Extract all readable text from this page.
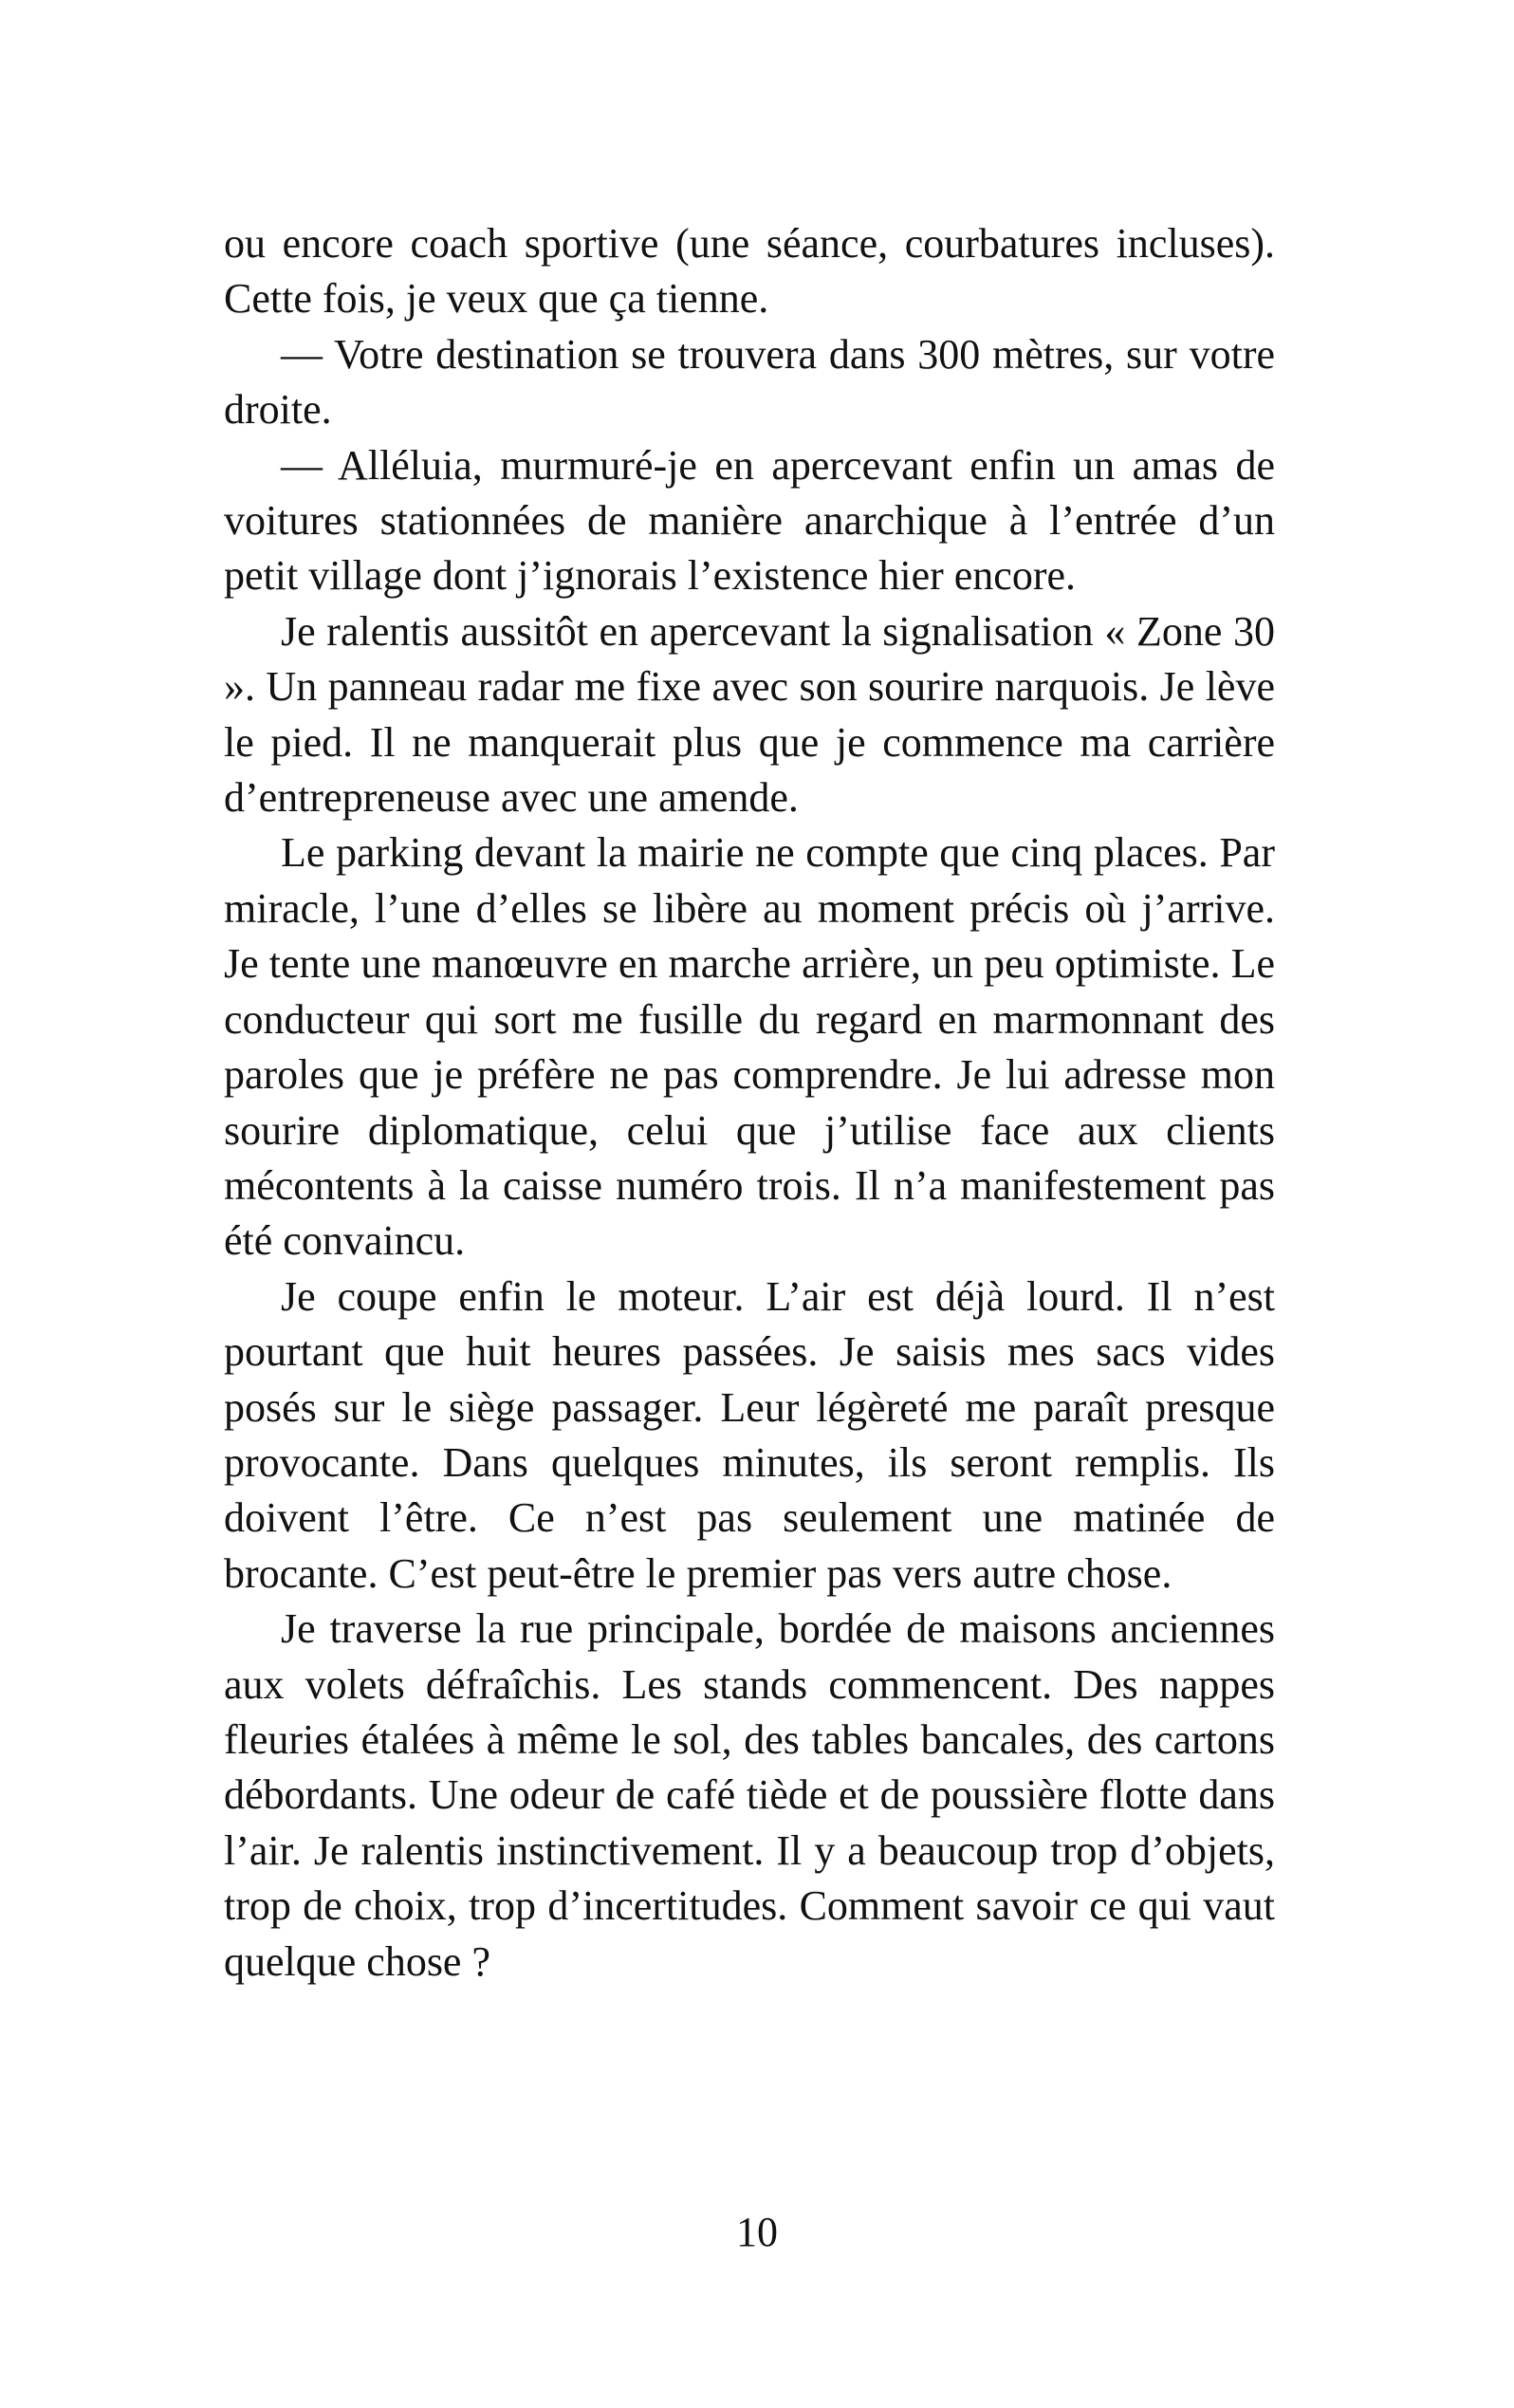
ou encore coach sportive (une séance, courbatures incluses). Cette fois, je veux que ça tienne.

— Votre destination se trouvera dans 300 mètres, sur votre droite.

— Alléluia, murmuré-je en apercevant enfin un amas de voitures stationnées de manière anarchique à l’entrée d’un petit village dont j’ignorais l’existence hier encore.

Je ralentis aussitôt en apercevant la signalisation « Zone 30 ». Un panneau radar me fixe avec son sourire narquois. Je lève le pied. Il ne manquerait plus que je commence ma carrière d’entrepreneuse avec une amende.

Le parking devant la mairie ne compte que cinq places. Par miracle, l’une d’elles se libère au moment précis où j’arrive. Je tente une manœuvre en marche arrière, un peu optimiste. Le conducteur qui sort me fusille du regard en marmonnant des paroles que je préfère ne pas comprendre. Je lui adresse mon sourire diplomatique, celui que j’utilise face aux clients mécontents à la caisse numéro trois. Il n’a manifestement pas été convaincu.

Je coupe enfin le moteur. L’air est déjà lourd. Il n’est pourtant que huit heures passées. Je saisis mes sacs vides posés sur le siège passager. Leur légèreté me paraît presque provocante. Dans quelques minutes, ils seront remplis. Ils doivent l’être. Ce n’est pas seulement une matinée de brocante. C’est peut-être le premier pas vers autre chose.

Je traverse la rue principale, bordée de maisons anciennes aux volets défraîchis. Les stands commencent. Des nappes fleuries étalées à même le sol, des tables bancales, des cartons débordants. Une odeur de café tiède et de poussière flotte dans l’air. Je ralentis instinctivement. Il y a beaucoup trop d’objets, trop de choix, trop d’incertitudes. Comment savoir ce qui vaut quelque chose ?

10
